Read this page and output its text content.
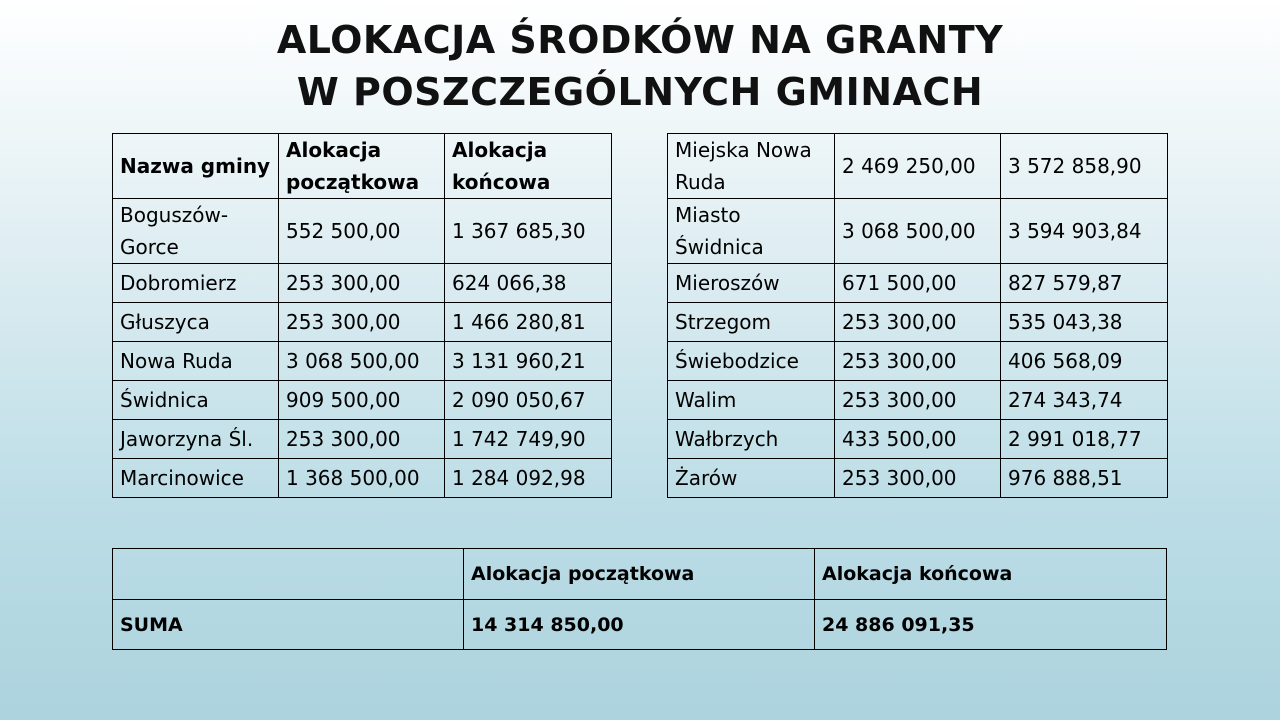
ALOKACJA ŚRODKÓW NA GRANTY
W POSZCZEGÓLNYCH GMINACH
Nazwa gminy	Alokacja początkowa	Alokacja końcowa
Boguszów-Gorce	552 500,00	1 367 685,30
Dobromierz	253 300,00	624 066,38
Głuszyca	253 300,00	1 466 280,81
Nowa Ruda	3 068 500,00	3 131 960,21
Świdnica	909 500,00	2 090 050,67
Jaworzyna Śl.	253 300,00	1 742 749,90
Marcinowice	1 368 500,00	1 284 092,98
Miejska Nowa Ruda	2 469 250,00	3 572 858,90
Miasto Świdnica	3 068 500,00	3 594 903,84
Mieroszów	671 500,00	827 579,87
Strzegom	253 300,00	535 043,38
Świebodzice	253 300,00	406 568,09
Walim	253 300,00	274 343,74
Wałbrzych	433 500,00	2 991 018,77
Żarów	253 300,00	976 888,51
	Alokacja początkowa	Alokacja końcowa
SUMA	14 314 850,00	24 886 091,35
